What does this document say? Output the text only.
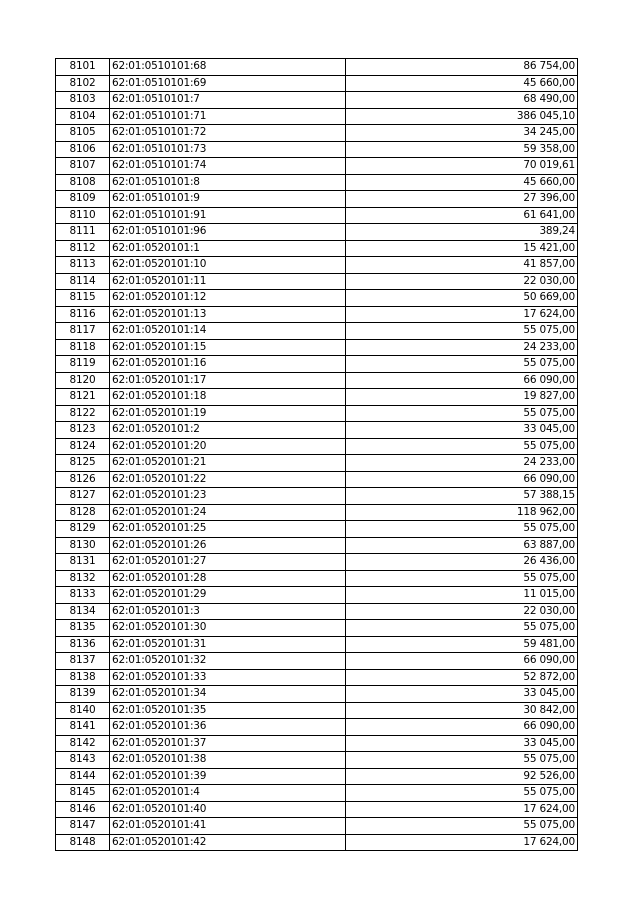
8101	62:01:0510101:68	86 754,00
8102	62:01:0510101:69	45 660,00
8103	62:01:0510101:7	68 490,00
8104	62:01:0510101:71	386 045,10
8105	62:01:0510101:72	34 245,00
8106	62:01:0510101:73	59 358,00
8107	62:01:0510101:74	70 019,61
8108	62:01:0510101:8	45 660,00
8109	62:01:0510101:9	27 396,00
8110	62:01:0510101:91	61 641,00
8111	62:01:0510101:96	389,24
8112	62:01:0520101:1	15 421,00
8113	62:01:0520101:10	41 857,00
8114	62:01:0520101:11	22 030,00
8115	62:01:0520101:12	50 669,00
8116	62:01:0520101:13	17 624,00
8117	62:01:0520101:14	55 075,00
8118	62:01:0520101:15	24 233,00
8119	62:01:0520101:16	55 075,00
8120	62:01:0520101:17	66 090,00
8121	62:01:0520101:18	19 827,00
8122	62:01:0520101:19	55 075,00
8123	62:01:0520101:2	33 045,00
8124	62:01:0520101:20	55 075,00
8125	62:01:0520101:21	24 233,00
8126	62:01:0520101:22	66 090,00
8127	62:01:0520101:23	57 388,15
8128	62:01:0520101:24	118 962,00
8129	62:01:0520101:25	55 075,00
8130	62:01:0520101:26	63 887,00
8131	62:01:0520101:27	26 436,00
8132	62:01:0520101:28	55 075,00
8133	62:01:0520101:29	11 015,00
8134	62:01:0520101:3	22 030,00
8135	62:01:0520101:30	55 075,00
8136	62:01:0520101:31	59 481,00
8137	62:01:0520101:32	66 090,00
8138	62:01:0520101:33	52 872,00
8139	62:01:0520101:34	33 045,00
8140	62:01:0520101:35	30 842,00
8141	62:01:0520101:36	66 090,00
8142	62:01:0520101:37	33 045,00
8143	62:01:0520101:38	55 075,00
8144	62:01:0520101:39	92 526,00
8145	62:01:0520101:4	55 075,00
8146	62:01:0520101:40	17 624,00
8147	62:01:0520101:41	55 075,00
8148	62:01:0520101:42	17 624,00
